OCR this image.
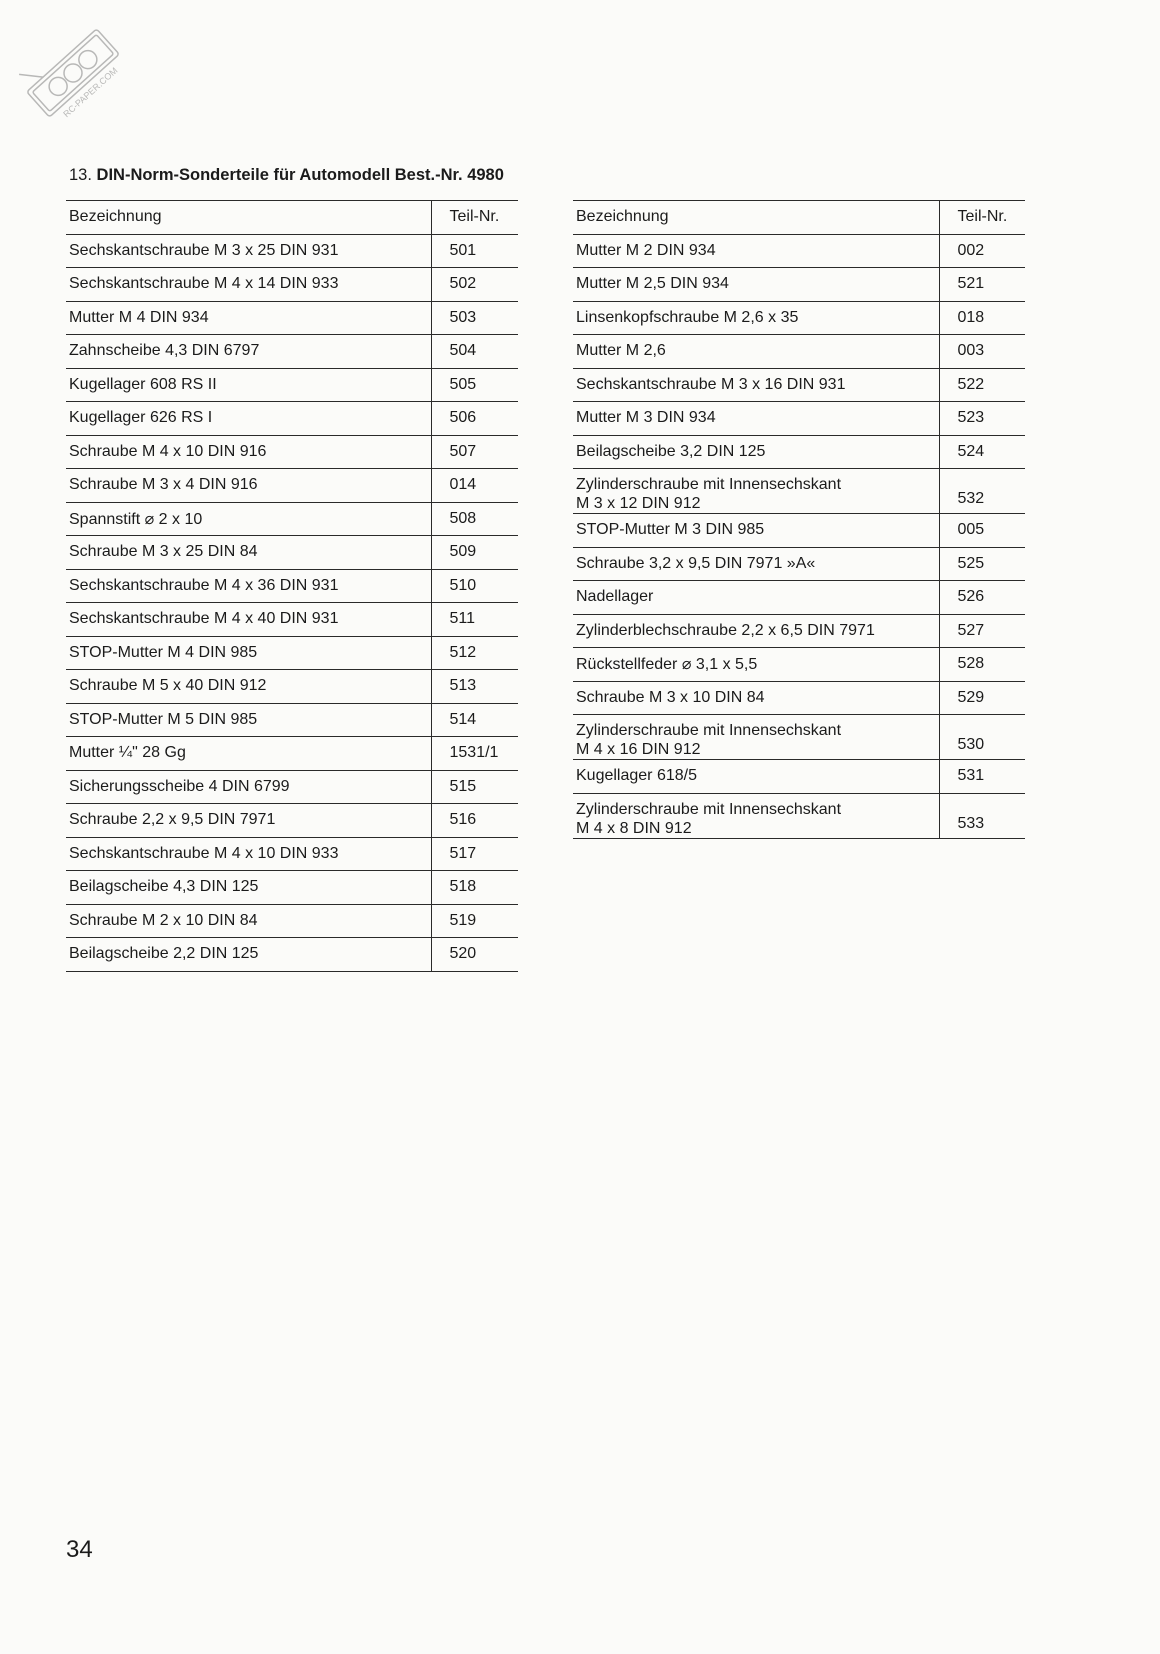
RC-PAPER.COM
13. DIN-Norm-Sonderteile für Automodell Best.-Nr. 4980
Bezeichnung	Teil-Nr.
Sechskantschraube M 3 x 25 DIN 931	501
Sechskantschraube M 4 x 14 DIN 933	502
Mutter M 4 DIN 934	503
Zahnscheibe 4,3 DIN 6797	504
Kugellager 608 RS II	505
Kugellager 626 RS I	506
Schraube M 4 x 10 DIN 916	507
Schraube M 3 x 4 DIN 916	014
Spannstift ⌀ 2 x 10	508
Schraube M 3 x 25 DIN 84	509
Sechskantschraube M 4 x 36 DIN 931	510
Sechskantschraube M 4 x 40 DIN 931	511
STOP-Mutter M 4 DIN 985	512
Schraube M 5 x 40 DIN 912	513
STOP-Mutter M 5 DIN 985	514
Mutter ¼" 28 Gg	1531/1
Sicherungsscheibe 4 DIN 6799	515
Schraube 2,2 x 9,5 DIN 7971	516
Sechskantschraube M 4 x 10 DIN 933	517
Beilagscheibe 4,3 DIN 125	518
Schraube M 2 x 10 DIN 84	519
Beilagscheibe 2,2 DIN 125	520
Bezeichnung	Teil-Nr.
Mutter M 2 DIN 934	002
Mutter M 2,5 DIN 934	521
Linsenkopfschraube M 2,6 x 35	018
Mutter M 2,6	003
Sechskantschraube M 3 x 16 DIN 931	522
Mutter M 3 DIN 934	523
Beilagscheibe 3,2 DIN 125	524

Zylinderschraube mit Innensechskant
M 3 x 12 DIN 912	532
STOP-Mutter M 3 DIN 985	005
Schraube 3,2 x 9,5 DIN 7971 »A«	525
Nadellager	526
Zylinderblechschraube 2,2 x 6,5 DIN 7971	527
Rückstellfeder ⌀ 3,1 x 5,5	528
Schraube M 3 x 10 DIN 84	529

Zylinderschraube mit Innensechskant
M 4 x 16 DIN 912	530
Kugellager 618/5	531

Zylinderschraube mit Innensechskant
M 4 x 8 DIN 912	533
34
